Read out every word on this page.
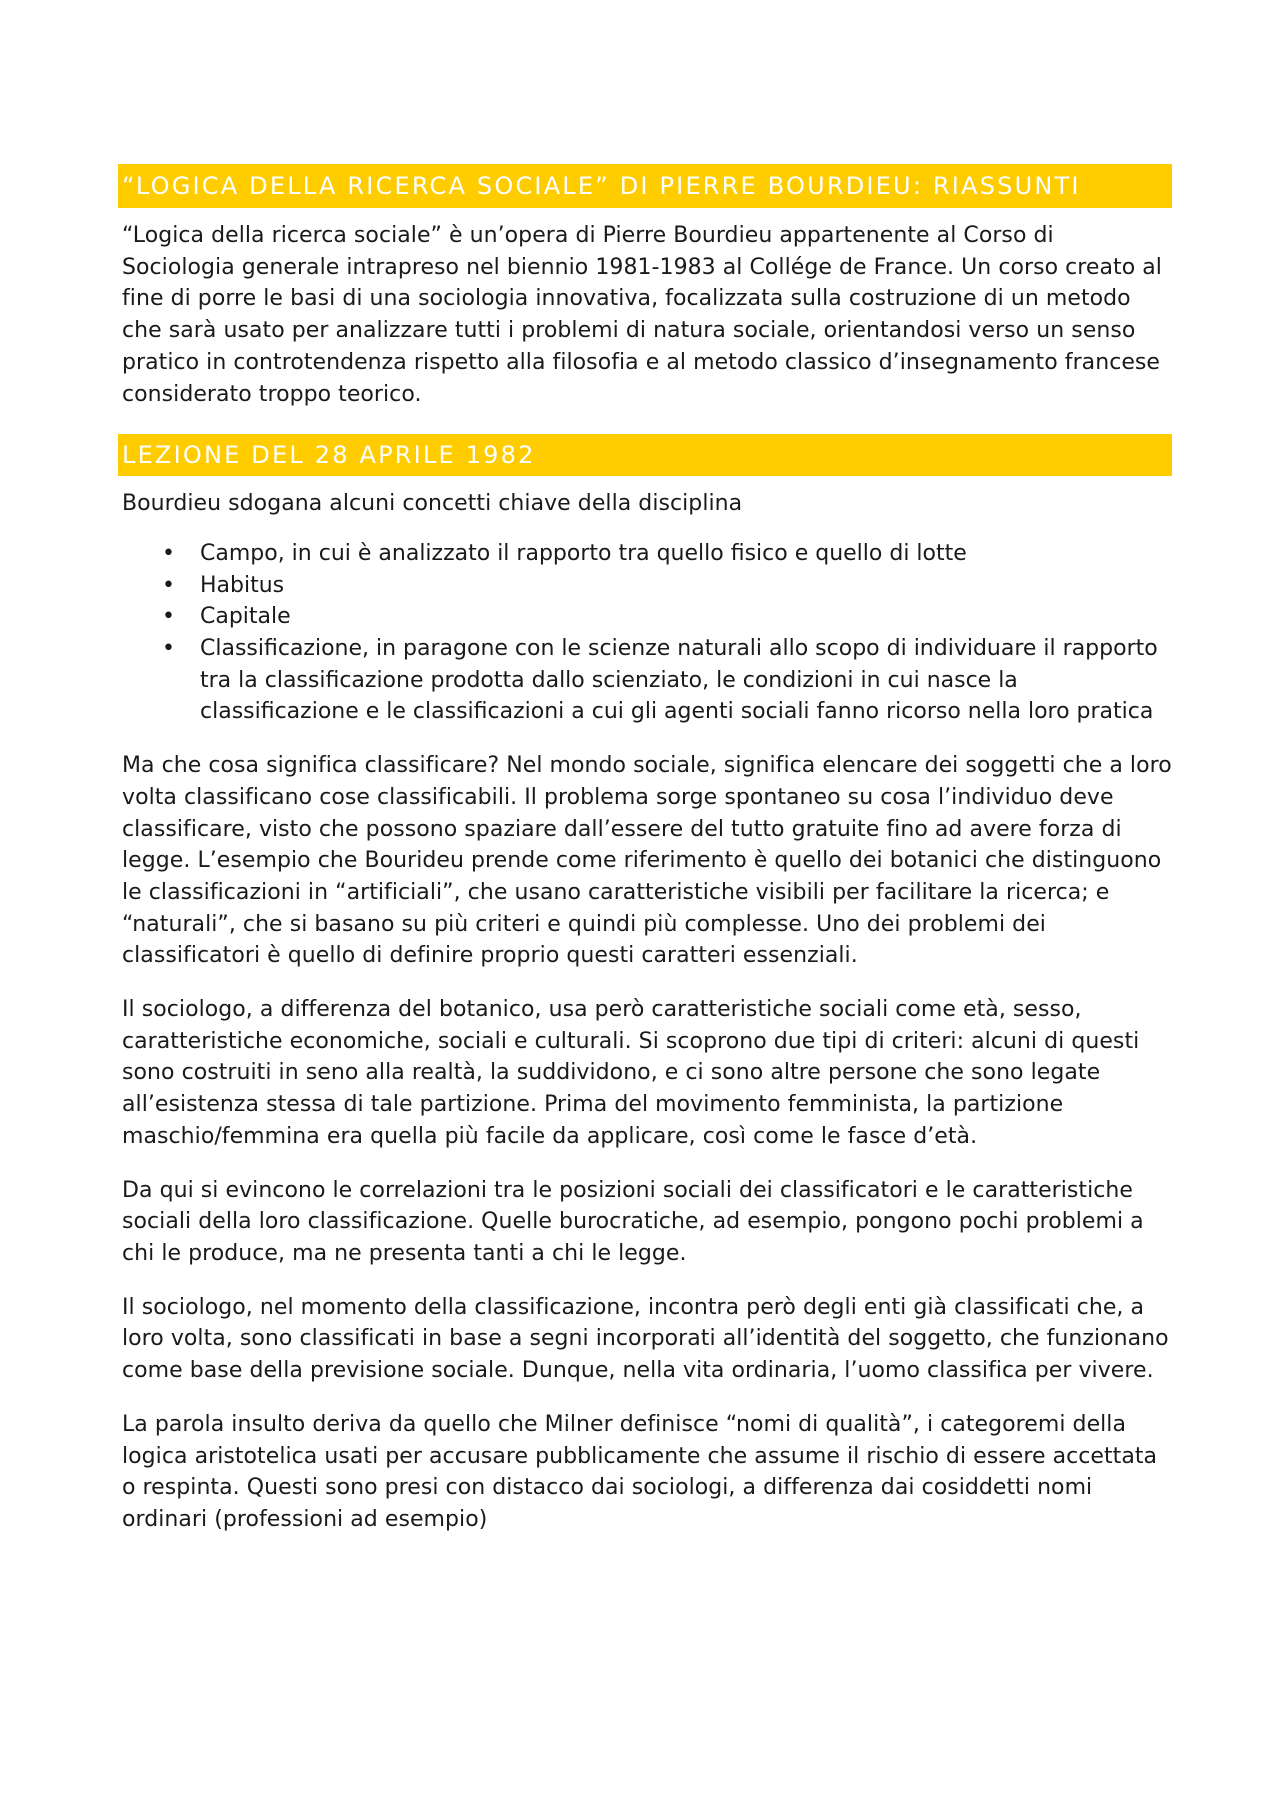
“LOGICA DELLA RICERCA SOCIALE” DI PIERRE BOURDIEU: RIASSUNTI

“Logica della ricerca sociale” è un’opera di Pierre Bourdieu appartenente al Corso di Sociologia generale intrapreso nel biennio 1981-1983 al Collége de France. Un corso creato al fine di porre le basi di una sociologia innovativa, focalizzata sulla costruzione di un metodo che sarà usato per analizzare tutti i problemi di natura sociale, orientandosi verso un senso pratico in controtendenza rispetto alla filosofia e al metodo classico d’insegnamento francese considerato troppo teorico.

LEZIONE DEL 28 APRILE 1982

Bourdieu sdogana alcuni concetti chiave della disciplina

• Campo, in cui è analizzato il rapporto tra quello fisico e quello di lotte
• Habitus
• Capitale
• Classificazione, in paragone con le scienze naturali allo scopo di individuare il rapporto tra la classificazione prodotta dallo scienziato, le condizioni in cui nasce la classificazione e le classificazioni a cui gli agenti sociali fanno ricorso nella loro pratica

Ma che cosa significa classificare? Nel mondo sociale, significa elencare dei soggetti che a loro volta classificano cose classificabili. Il problema sorge spontaneo su cosa l’individuo deve classificare, visto che possono spaziare dall’essere del tutto gratuite fino ad avere forza di legge. L’esempio che Bourideu prende come riferimento è quello dei botanici che distinguono le classificazioni in “artificiali”, che usano caratteristiche visibili per facilitare la ricerca; e “naturali”, che si basano su più criteri e quindi più complesse. Uno dei problemi dei classificatori è quello di definire proprio questi caratteri essenziali.

Il sociologo, a differenza del botanico, usa però caratteristiche sociali come età, sesso, caratteristiche economiche, sociali e culturali. Si scoprono due tipi di criteri: alcuni di questi sono costruiti in seno alla realtà, la suddividono, e ci sono altre persone che sono legate all’esistenza stessa di tale partizione. Prima del movimento femminista, la partizione maschio/femmina era quella più facile da applicare, così come le fasce d’età.

Da qui si evincono le correlazioni tra le posizioni sociali dei classificatori e le caratteristiche sociali della loro classificazione. Quelle burocratiche, ad esempio, pongono pochi problemi a chi le produce, ma ne presenta tanti a chi le legge.

Il sociologo, nel momento della classificazione, incontra però degli enti già classificati che, a loro volta, sono classificati in base a segni incorporati all’identità del soggetto, che funzionano come base della previsione sociale. Dunque, nella vita ordinaria, l’uomo classifica per vivere.

La parola insulto deriva da quello che Milner definisce “nomi di qualità”, i categoremi della logica aristotelica usati per accusare pubblicamente che assume il rischio di essere accettata o respinta. Questi sono presi con distacco dai sociologi, a differenza dai cosiddetti nomi ordinari (professioni ad esempio)
